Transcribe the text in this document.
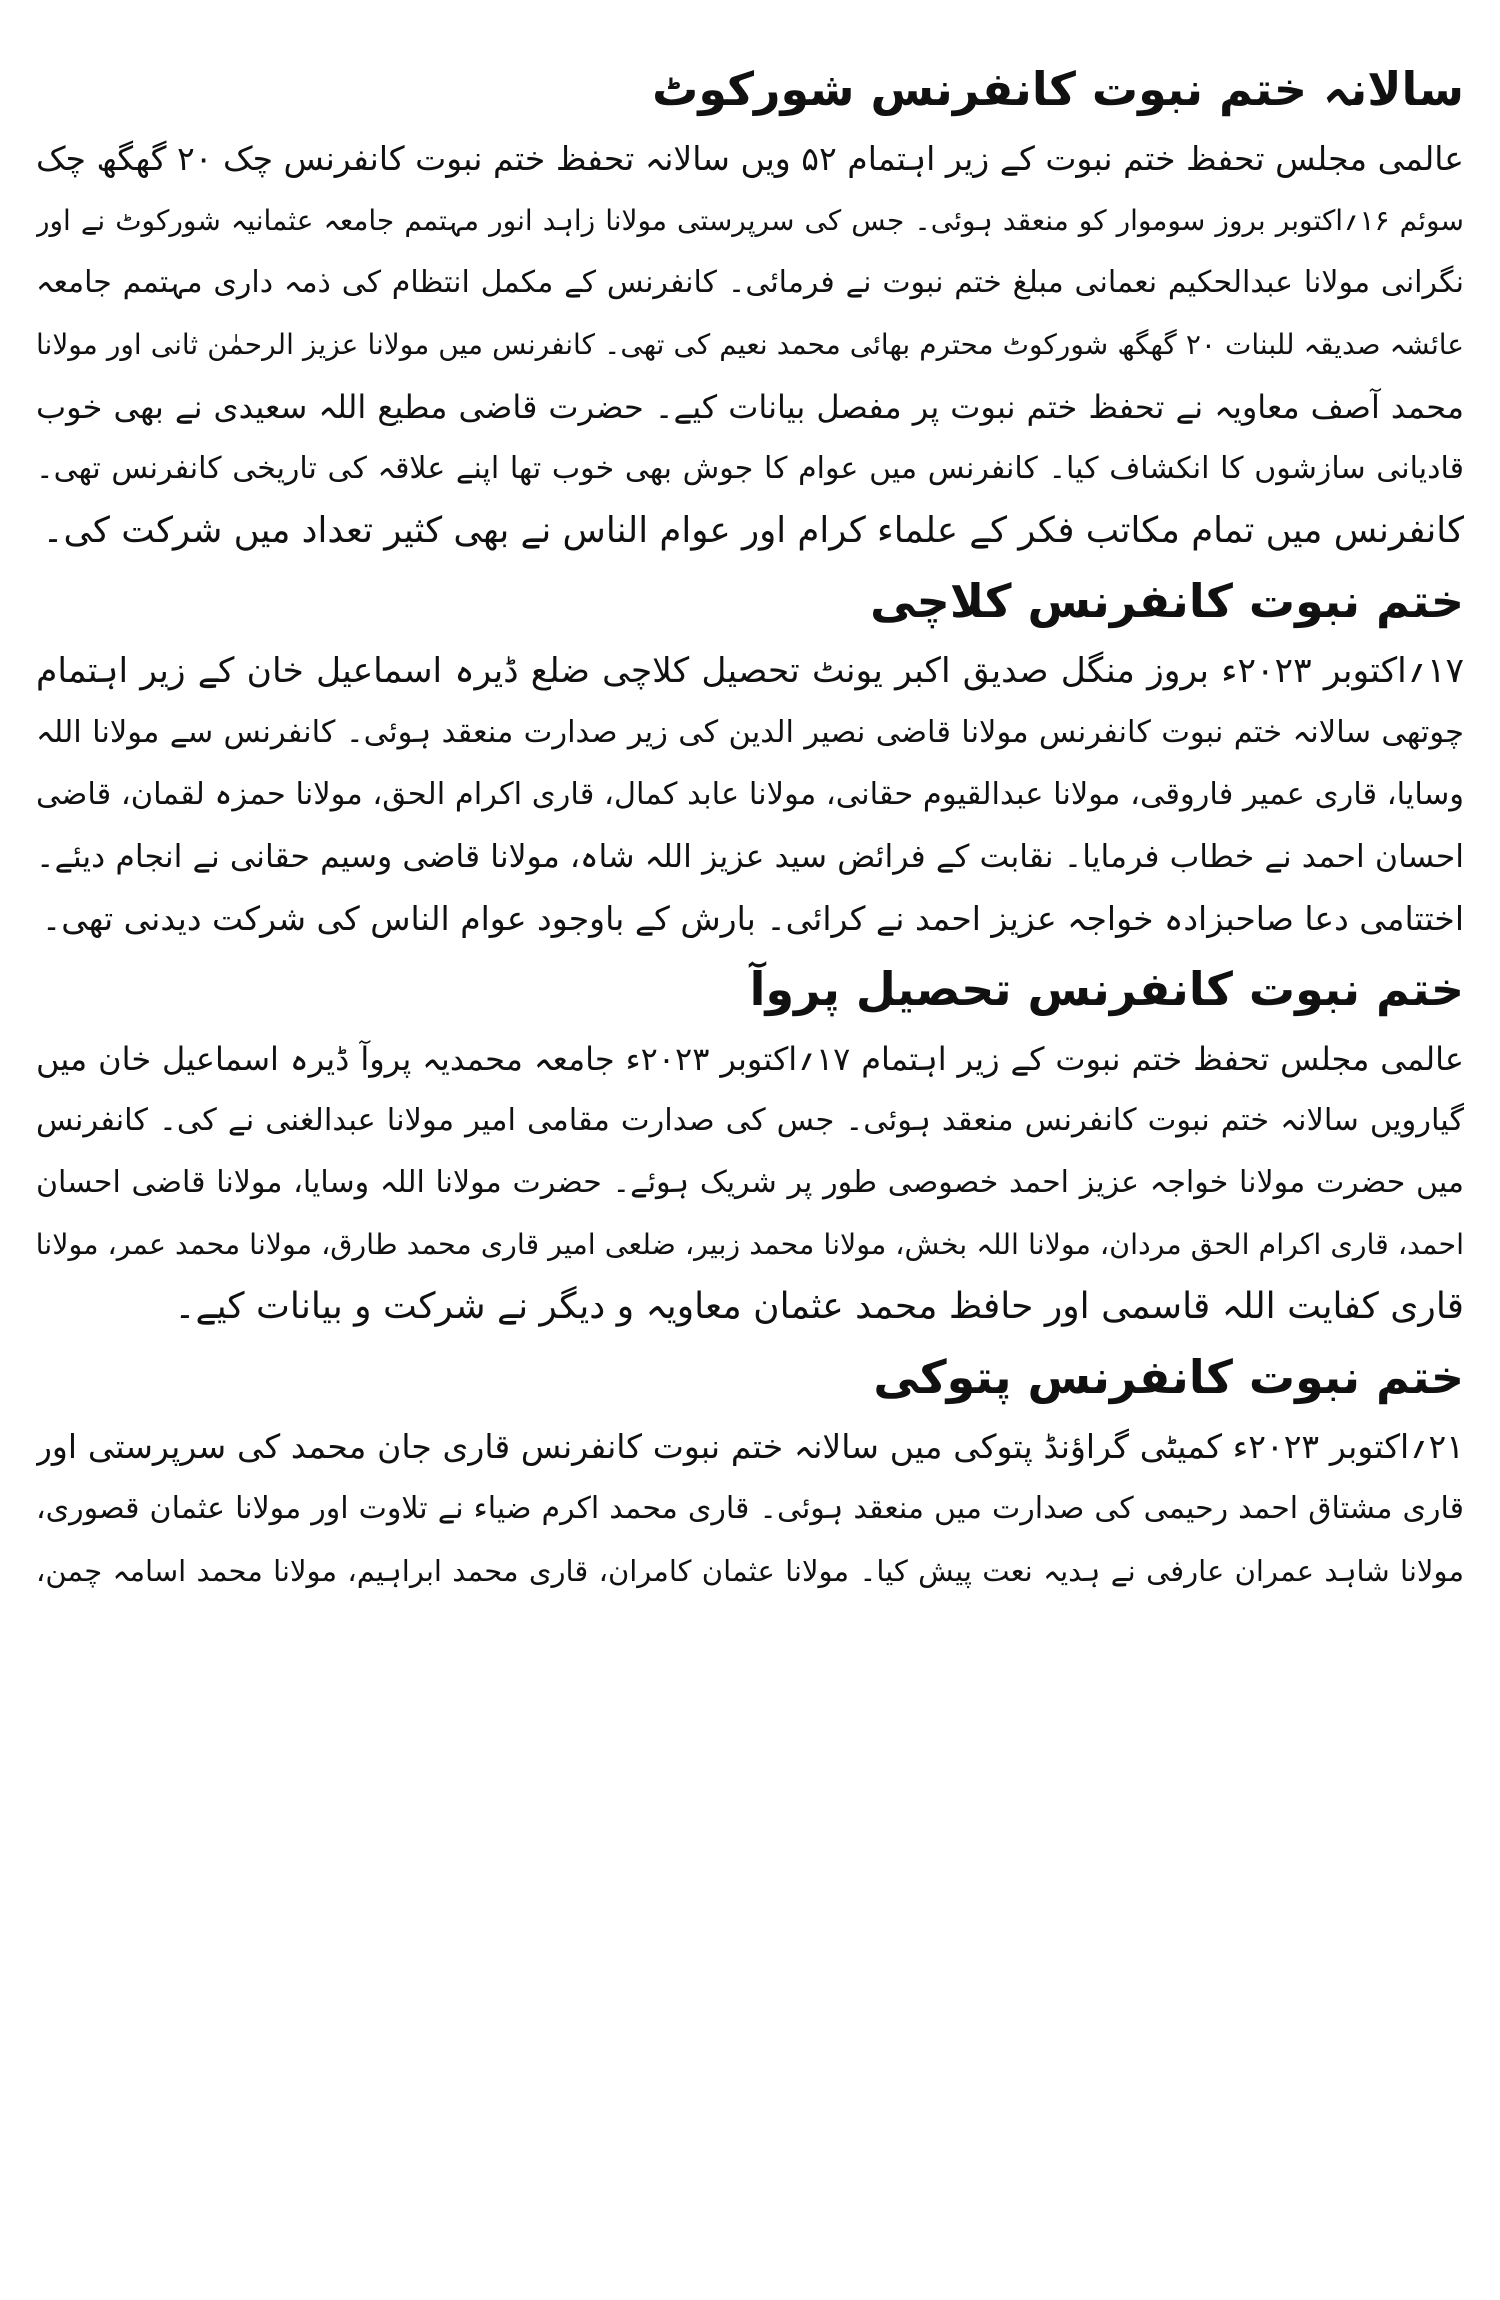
سالانہ ختم نبوت کانفرنس شورکوٹ

عالمی مجلس تحفظ ختم نبوت کے زیر اہتمام ۵۲ ویں سالانہ تحفظ ختم نبوت کانفرنس چک ۲۰ گھگھ چک

سوئم ۱۶؍اکتوبر بروز سوموار کو منعقد ہوئی۔ جس کی سرپرستی مولانا زاہد انور مہتمم جامعہ عثمانیہ شورکوٹ نے اور

نگرانی مولانا عبدالحکیم نعمانی مبلغ ختم نبوت نے فرمائی۔ کانفرنس کے مکمل انتظام کی ذمہ داری مہتمم جامعہ

عائشہ صدیقہ للبنات ۲۰ گھگھ شورکوٹ محترم بھائی محمد نعیم کی تھی۔ کانفرنس میں مولانا عزیز الرحمٰن ثانی اور مولانا

محمد آصف معاویہ نے تحفظ ختم نبوت پر مفصل بیانات کیے۔ حضرت قاضی مطیع اللہ سعیدی نے بھی خوب

قادیانی سازشوں کا انکشاف کیا۔ کانفرنس میں عوام کا جوش بھی خوب تھا اپنے علاقہ کی تاریخی کانفرنس تھی۔

کانفرنس میں تمام مکاتب فکر کے علماء کرام اور عوام الناس نے بھی کثیر تعداد میں شرکت کی۔

ختم نبوت کانفرنس کلاچی

۱۷؍اکتوبر ۲۰۲۳ء بروز منگل صدیق اکبر یونٹ تحصیل کلاچی ضلع ڈیرہ اسماعیل خان کے زیر اہتمام

چوتھی سالانہ ختم نبوت کانفرنس مولانا قاضی نصیر الدین کی زیر صدارت منعقد ہوئی۔ کانفرنس سے مولانا اللہ

وسایا، قاری عمیر فاروقی، مولانا عبدالقیوم حقانی، مولانا عابد کمال، قاری اکرام الحق، مولانا حمزہ لقمان، قاضی

احسان احمد نے خطاب فرمایا۔ نقابت کے فرائض سید عزیز اللہ شاہ، مولانا قاضی وسیم حقانی نے انجام دیئے۔

اختتامی دعا صاحبزادہ خواجہ عزیز احمد نے کرائی۔ بارش کے باوجود عوام الناس کی شرکت دیدنی تھی۔

ختم نبوت کانفرنس تحصیل پروآ

عالمی مجلس تحفظ ختم نبوت کے زیر اہتمام ۱۷؍اکتوبر ۲۰۲۳ء جامعہ محمدیہ پروآ ڈیرہ اسماعیل خان میں

گیارویں سالانہ ختم نبوت کانفرنس منعقد ہوئی۔ جس کی صدارت مقامی امیر مولانا عبدالغنی نے کی۔ کانفرنس

میں حضرت مولانا خواجہ عزیز احمد خصوصی طور پر شریک ہوئے۔ حضرت مولانا اللہ وسایا، مولانا قاضی احسان

احمد، قاری اکرام الحق مردان، مولانا اللہ بخش، مولانا محمد زبیر، ضلعی امیر قاری محمد طارق، مولانا محمد عمر، مولانا

قاری کفایت اللہ قاسمی اور حافظ محمد عثمان معاویہ و دیگر نے شرکت و بیانات کیے۔

ختم نبوت کانفرنس پتوکی

۲۱؍اکتوبر ۲۰۲۳ء کمیٹی گراؤنڈ پتوکی میں سالانہ ختم نبوت کانفرنس قاری جان محمد کی سرپرستی اور

قاری مشتاق احمد رحیمی کی صدارت میں منعقد ہوئی۔ قاری محمد اکرم ضیاء نے تلاوت اور مولانا عثمان قصوری،

مولانا شاہد عمران عارفی نے ہدیہ نعت پیش کیا۔ مولانا عثمان کامران، قاری محمد ابراہیم، مولانا محمد اسامہ چمن،
